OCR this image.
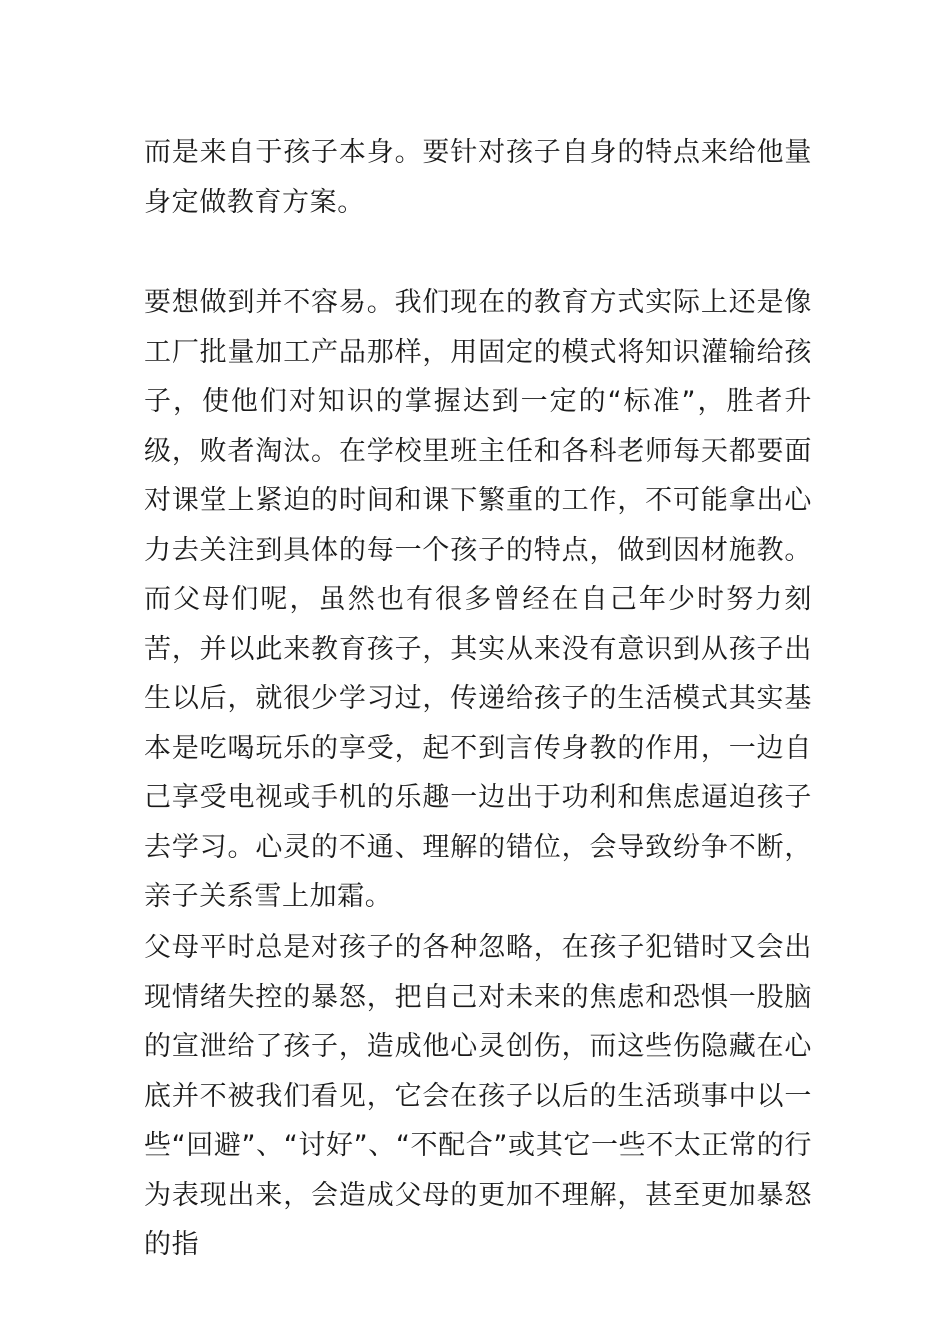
而是来自于孩子本身。要针对孩子自身的特点来给他量身定做教育方案。

要想做到并不容易。我们现在的教育方式实际上还是像工厂批量加工产品那样，用固定的模式将知识灌输给孩子，使他们对知识的掌握达到一定的“标准”，胜者升级，败者淘汰。在学校里班主任和各科老师每天都要面对课堂上紧迫的时间和课下繁重的工作，不可能拿出心力去关注到具体的每一个孩子的特点，做到因材施教。而父母们呢，虽然也有很多曾经在自己年少时努力刻苦，并以此来教育孩子，其实从来没有意识到从孩子出生以后，就很少学习过，传递给孩子的生活模式其实基本是吃喝玩乐的享受，起不到言传身教的作用，一边自己享受电视或手机的乐趣一边出于功利和焦虑逼迫孩子去学习。心灵的不通、理解的错位，会导致纷争不断，亲子关系雪上加霜。

父母平时总是对孩子的各种忽略，在孩子犯错时又会出现情绪失控的暴怒，把自己对未来的焦虑和恐惧一股脑的宣泄给了孩子，造成他心灵创伤，而这些伤隐藏在心底并不被我们看见，它会在孩子以后的生活琐事中以一些“回避”、“讨好”、“不配合”或其它一些不太正常的行为表现出来，会造成父母的更加不理解，甚至更加暴怒的指
